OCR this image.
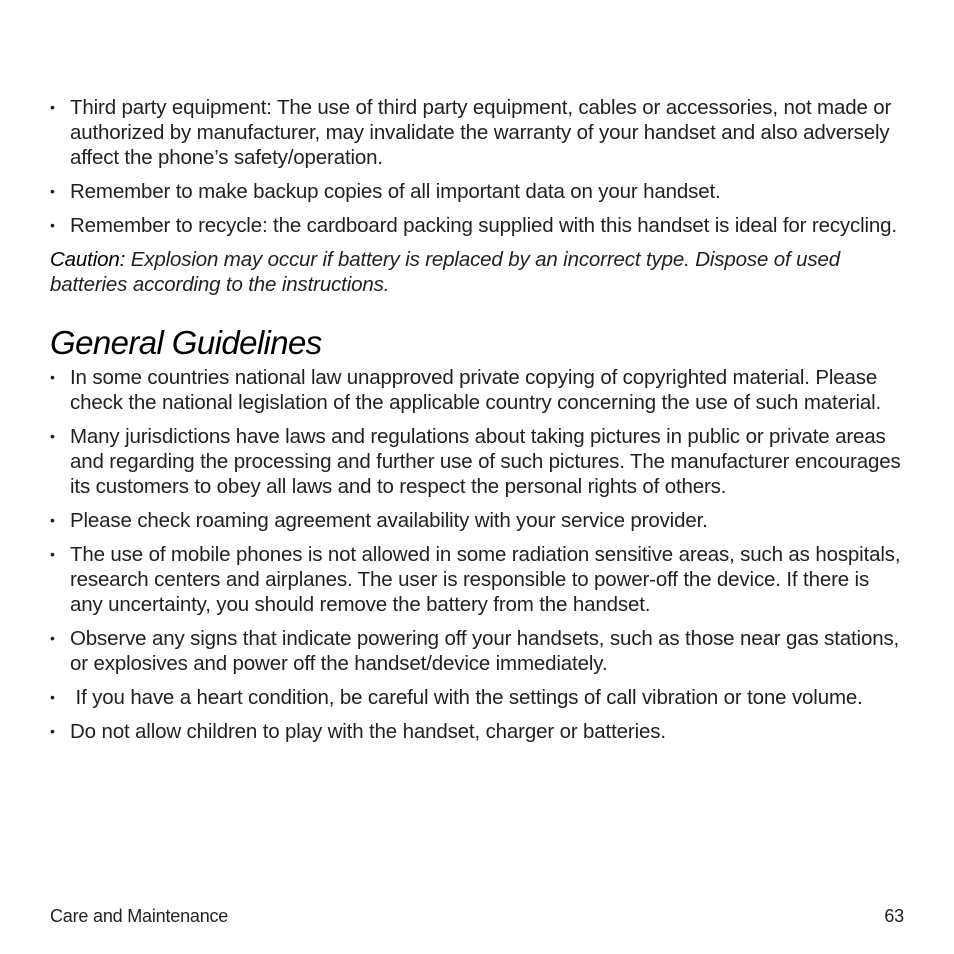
• Third party equipment: The use of third party equipment, cables or accessories, not made or authorized by manufacturer, may invalidate the warranty of your handset and also adversely affect the phone’s safety/operation.
• Remember to make backup copies of all important data on your handset.
• Remember to recycle: the cardboard packing supplied with this handset is ideal for recycling.

Caution: Explosion may occur if battery is replaced by an incorrect type. Dispose of used batteries according to the instructions.

General Guidelines
• In some countries national law unapproved private copying of copyrighted material. Please check the national legislation of the applicable country concerning the use of such material.
• Many jurisdictions have laws and regulations about taking pictures in public or private areas and regarding the processing and further use of such pictures. The manufacturer encourages its customers to obey all laws and to respect the personal rights of others.
• Please check roaming agreement availability with your service provider.
• The use of mobile phones is not allowed in some radiation sensitive areas, such as hospitals, research centers and airplanes. The user is responsible to power-off the device. If there is any uncertainty, you should remove the battery from the handset.
• Observe any signs that indicate powering off your handsets, such as those near gas stations, or explosives and power off the handset/device immediately.
• If you have a heart condition, be careful with the settings of call vibration or tone volume.
• Do not allow children to play with the handset, charger or batteries.
Care and Maintenance	63
